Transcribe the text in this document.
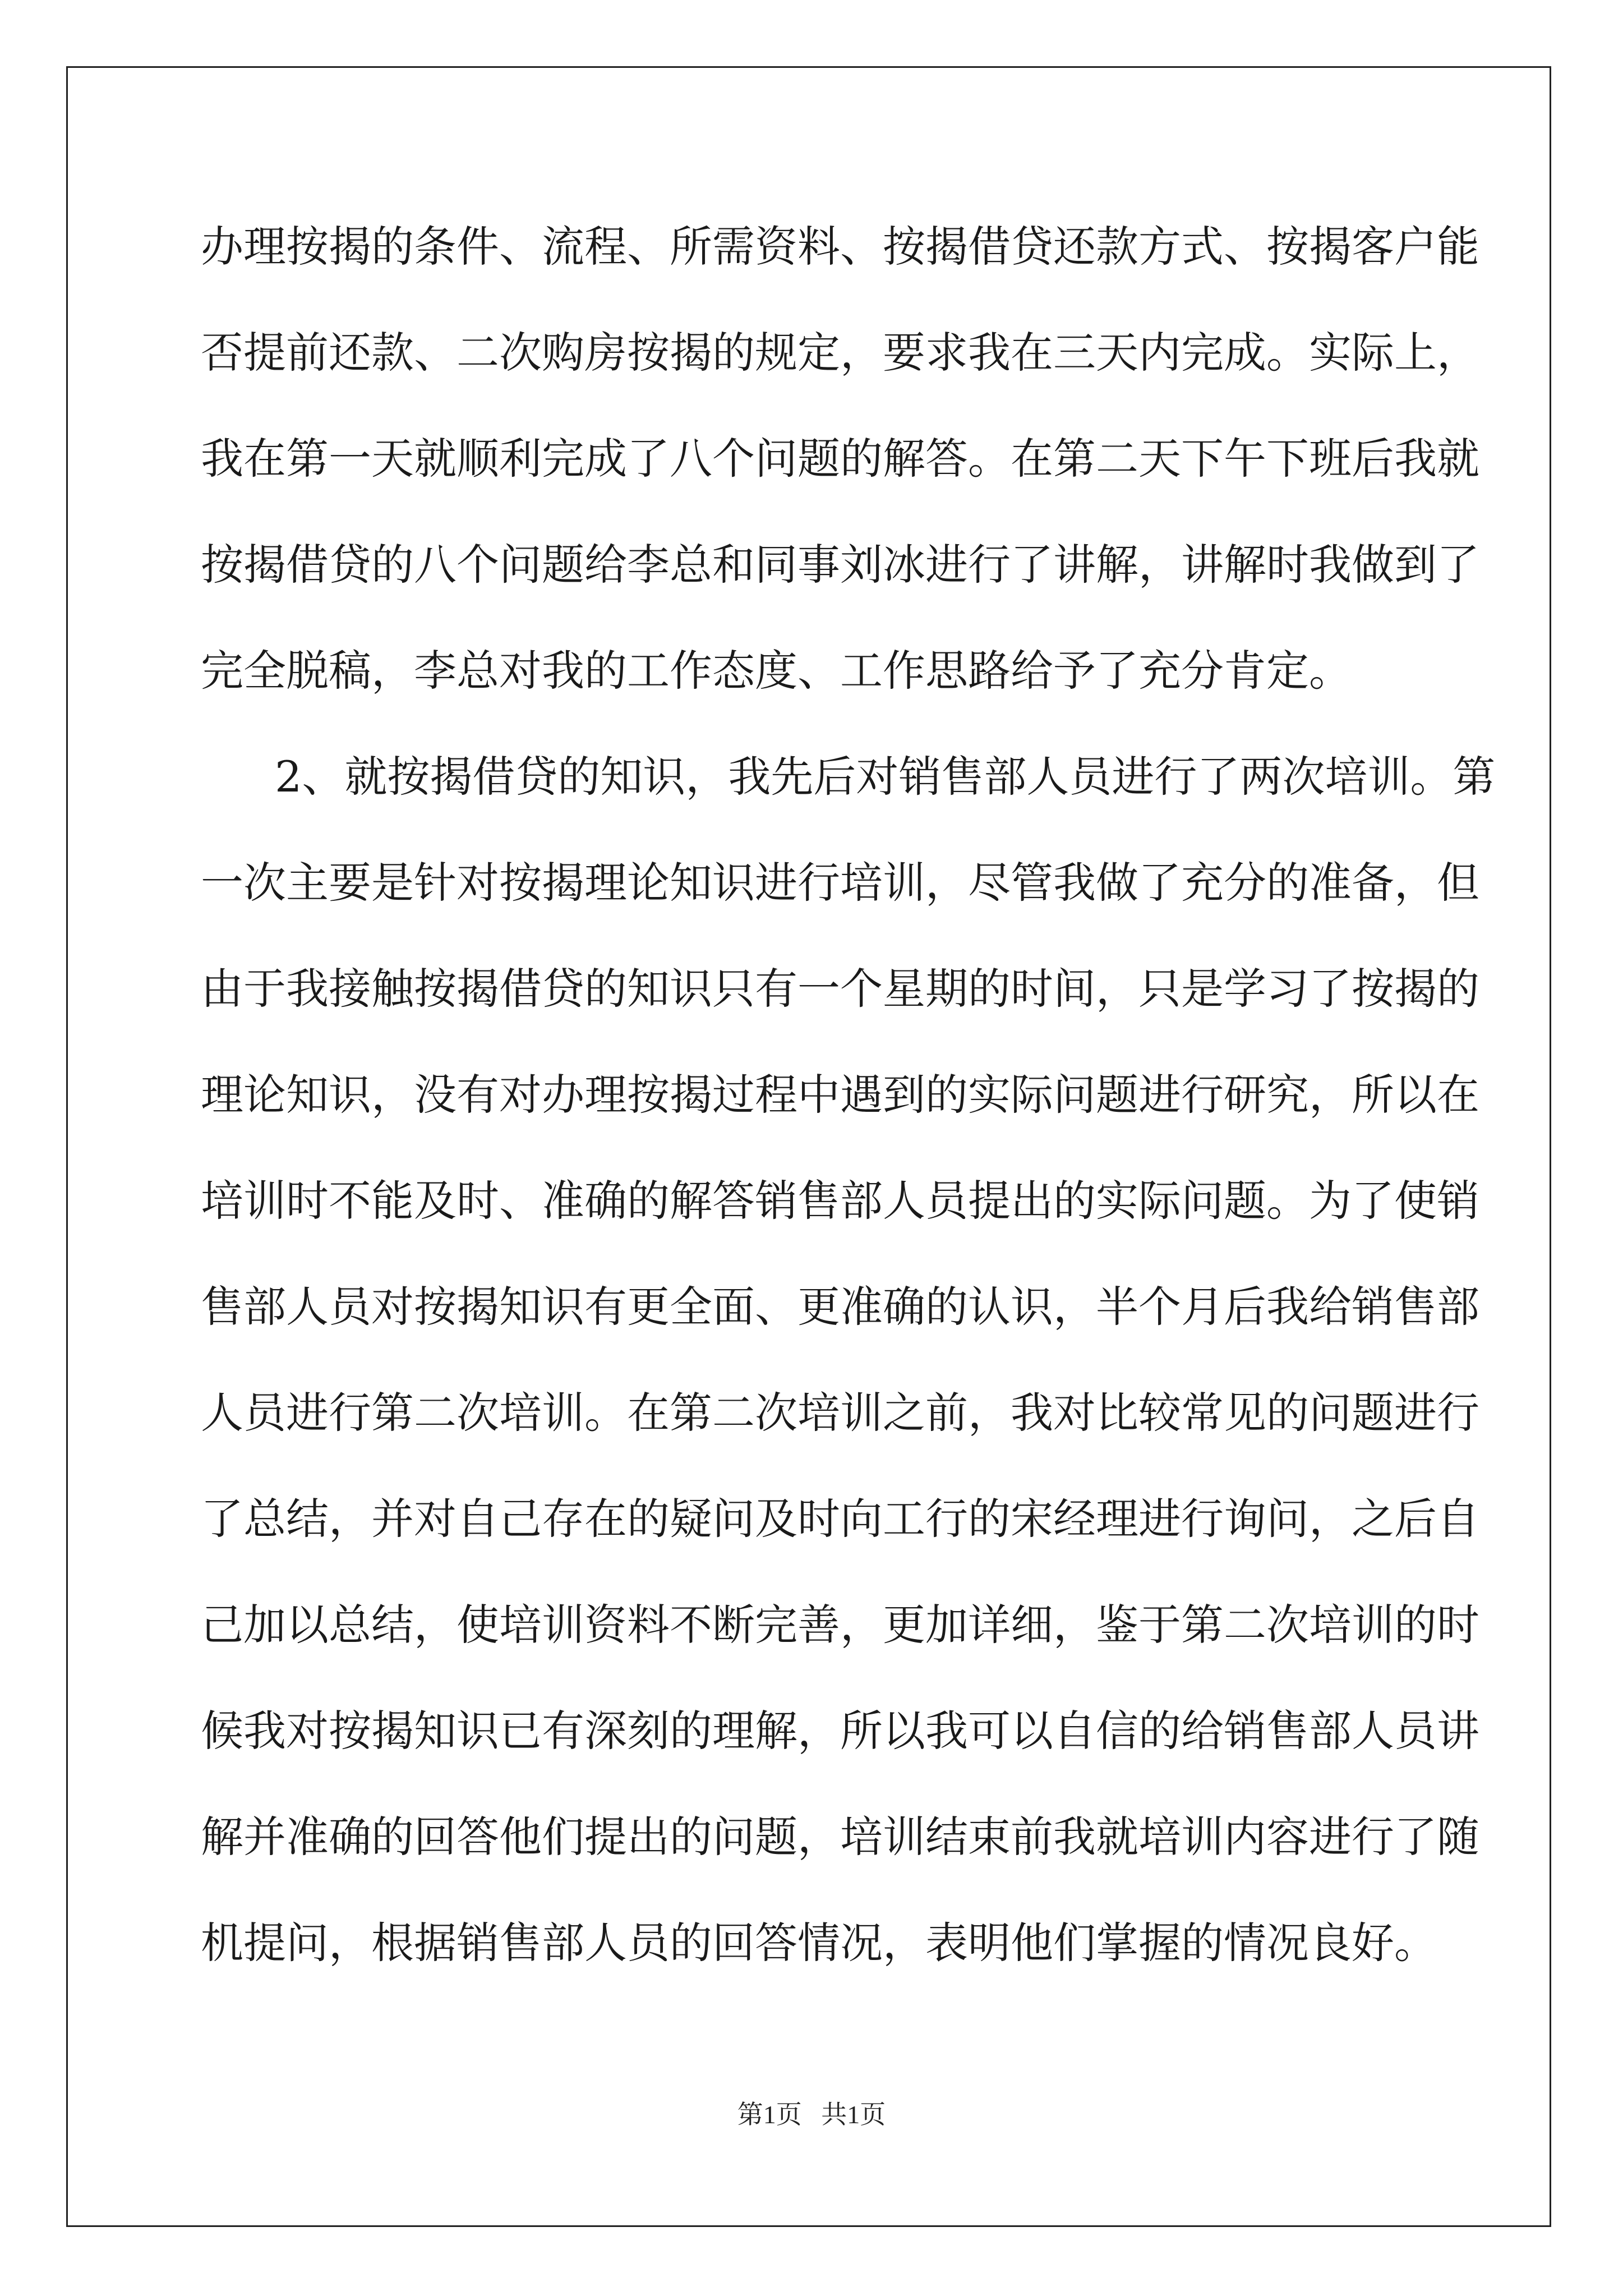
办理按揭的条件、流程、所需资料、按揭借贷还款方式、按揭客户能
否提前还款、二次购房按揭的规定，要求我在三天内完成。实际上，
我在第一天就顺利完成了八个问题的解答。在第二天下午下班后我就
按揭借贷的八个问题给李总和同事刘冰进行了讲解，讲解时我做到了
完全脱稿，李总对我的工作态度、工作思路给予了充分肯定。
2、就按揭借贷的知识，我先后对销售部人员进行了两次培训。第
一次主要是针对按揭理论知识进行培训，尽管我做了充分的准备，但
由于我接触按揭借贷的知识只有一个星期的时间，只是学习了按揭的
理论知识，没有对办理按揭过程中遇到的实际问题进行研究，所以在
培训时不能及时、准确的解答销售部人员提出的实际问题。为了使销
售部人员对按揭知识有更全面、更准确的认识，半个月后我给销售部
人员进行第二次培训。在第二次培训之前，我对比较常见的问题进行
了总结，并对自己存在的疑问及时向工行的宋经理进行询问，之后自
己加以总结，使培训资料不断完善，更加详细，鉴于第二次培训的时
候我对按揭知识已有深刻的理解，所以我可以自信的给销售部人员讲
解并准确的回答他们提出的问题，培训结束前我就培训内容进行了随
机提问，根据销售部人员的回答情况，表明他们掌握的情况良好。
第1页   共1页
